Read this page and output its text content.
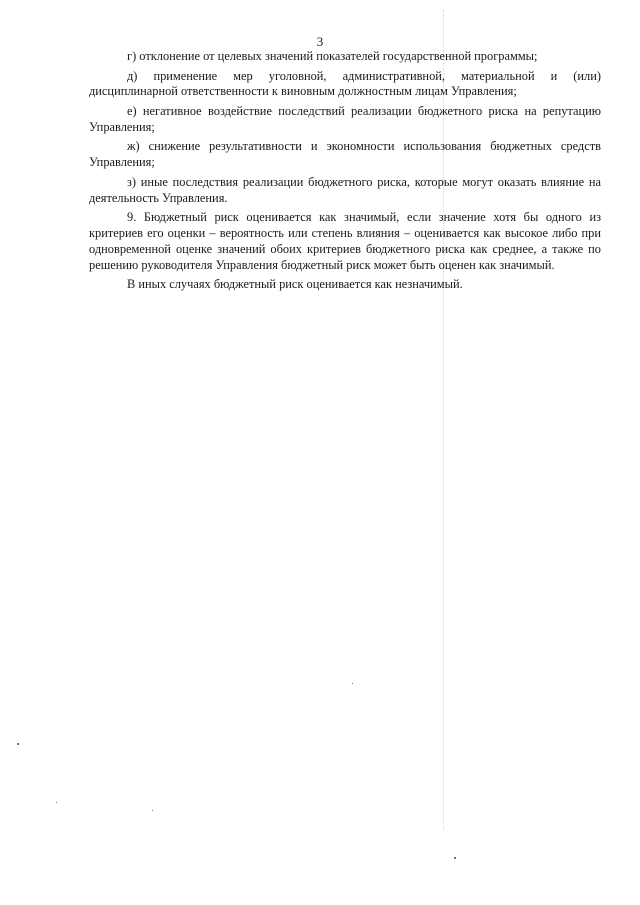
3

г) отклонение от целевых значений показателей государственной программы;

д) применение мер уголовной, административной, материальной и (или) дисциплинарной ответственности к виновным должностным лицам Управления;

е) негативное воздействие последствий реализации бюджетного риска на репутацию Управления;

ж) снижение результативности и экономности использования бюджетных средств Управления;

з) иные последствия реализации бюджетного риска, которые могут оказать влияние на деятельность Управления.

9. Бюджетный риск оценивается как значимый, если значение хотя бы одного из критериев его оценки – вероятность или степень влияния – оценивается как высокое либо при одновременной оценке значений обоих критериев бюджетного риска как среднее, а также по решению руководителя Управления бюджетный риск может быть оценен как значимый.

В иных случаях бюджетный риск оценивается как незначимый.
